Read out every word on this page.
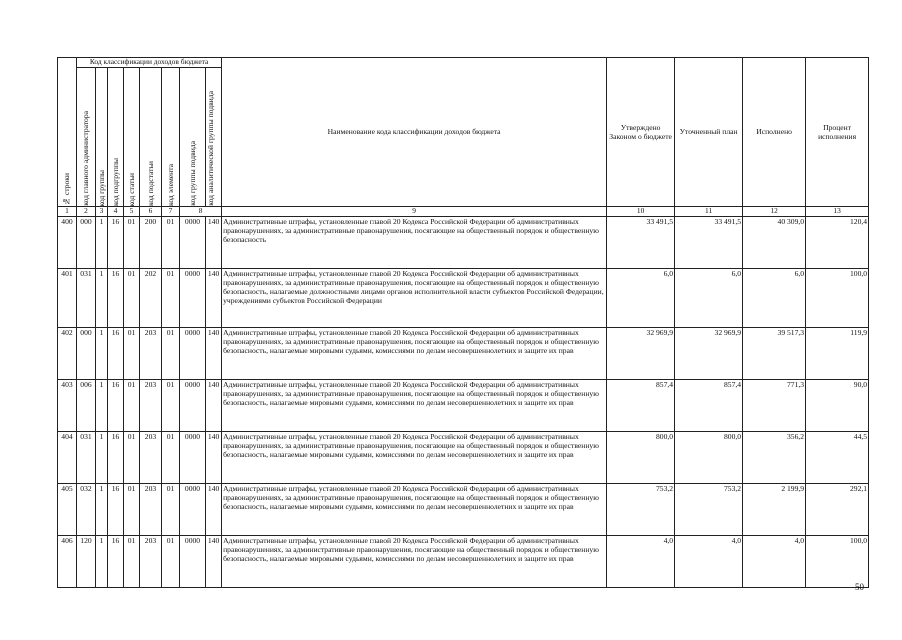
№ строки	Код классификации доходов бюджета								Наименование кода классификации доходов бюджета	Утверждено Законом о бюджете	Уточненный план	Исполнено	Процент исполнения

	код главного администратора	код группы	код подгруппы	код статьи	код подстатьи	код элемента	код группы подвида	код аналитической группы подвида					

1	2	3	4	5	6	7	8		9	10	11	12	13
400	000	1	16	01	200	01	0000	140	Административные штрафы, установленные главой 20 Кодекса Российской Федерации об административных правонарушениях, за административные правонарушения, посягающие на общественный порядок и общественную безопасность	33 491,5	33 491,5	40 309,0	120,4
401	031	1	16	01	202	01	0000	140	Административные штрафы, установленные главой 20 Кодекса Российской Федерации об административных правонарушениях, за административные правонарушения, посягающие на общественный порядок и общественную безопасность, налагаемые должностными лицами органов исполнительной власти субъектов Российской Федерации, учреждениями субъектов Российской Федерации	6,0	6,0	6,0	100,0
402	000	1	16	01	203	01	0000	140	Административные штрафы, установленные главой 20 Кодекса Российской Федерации об административных правонарушениях, за административные правонарушения, посягающие на общественный порядок и общественную безопасность, налагаемые мировыми судьями, комиссиями по делам несовершеннолетних и защите их прав	32 969,9	32 969,9	39 517,3	119,9
403	006	1	16	01	203	01	0000	140	Административные штрафы, установленные главой 20 Кодекса Российской Федерации об административных правонарушениях, за административные правонарушения, посягающие на общественный порядок и общественную безопасность, налагаемые мировыми судьями, комиссиями по делам несовершеннолетних и защите их прав	857,4	857,4	771,3	90,0
404	031	1	16	01	203	01	0000	140	Административные штрафы, установленные главой 20 Кодекса Российской Федерации об административных правонарушениях, за административные правонарушения, посягающие на общественный порядок и общественную безопасность, налагаемые мировыми судьями, комиссиями по делам несовершеннолетних и защите их прав	800,0	800,0	356,2	44,5
405	032	1	16	01	203	01	0000	140	Административные штрафы, установленные главой 20 Кодекса Российской Федерации об административных правонарушениях, за административные правонарушения, посягающие на общественный порядок и общественную безопасность, налагаемые мировыми судьями, комиссиями по делам несовершеннолетних и защите их прав	753,2	753,2	2 199,9	292,1
406	120	1	16	01	203	01	0000	140	Административные штрафы, установленные главой 20 Кодекса Российской Федерации об административных правонарушениях, за административные правонарушения, посягающие на общественный порядок и общественную безопасность, налагаемые мировыми судьями, комиссиями по делам несовершеннолетних и защите их прав	4,0	4,0	4,0	100,0
50
